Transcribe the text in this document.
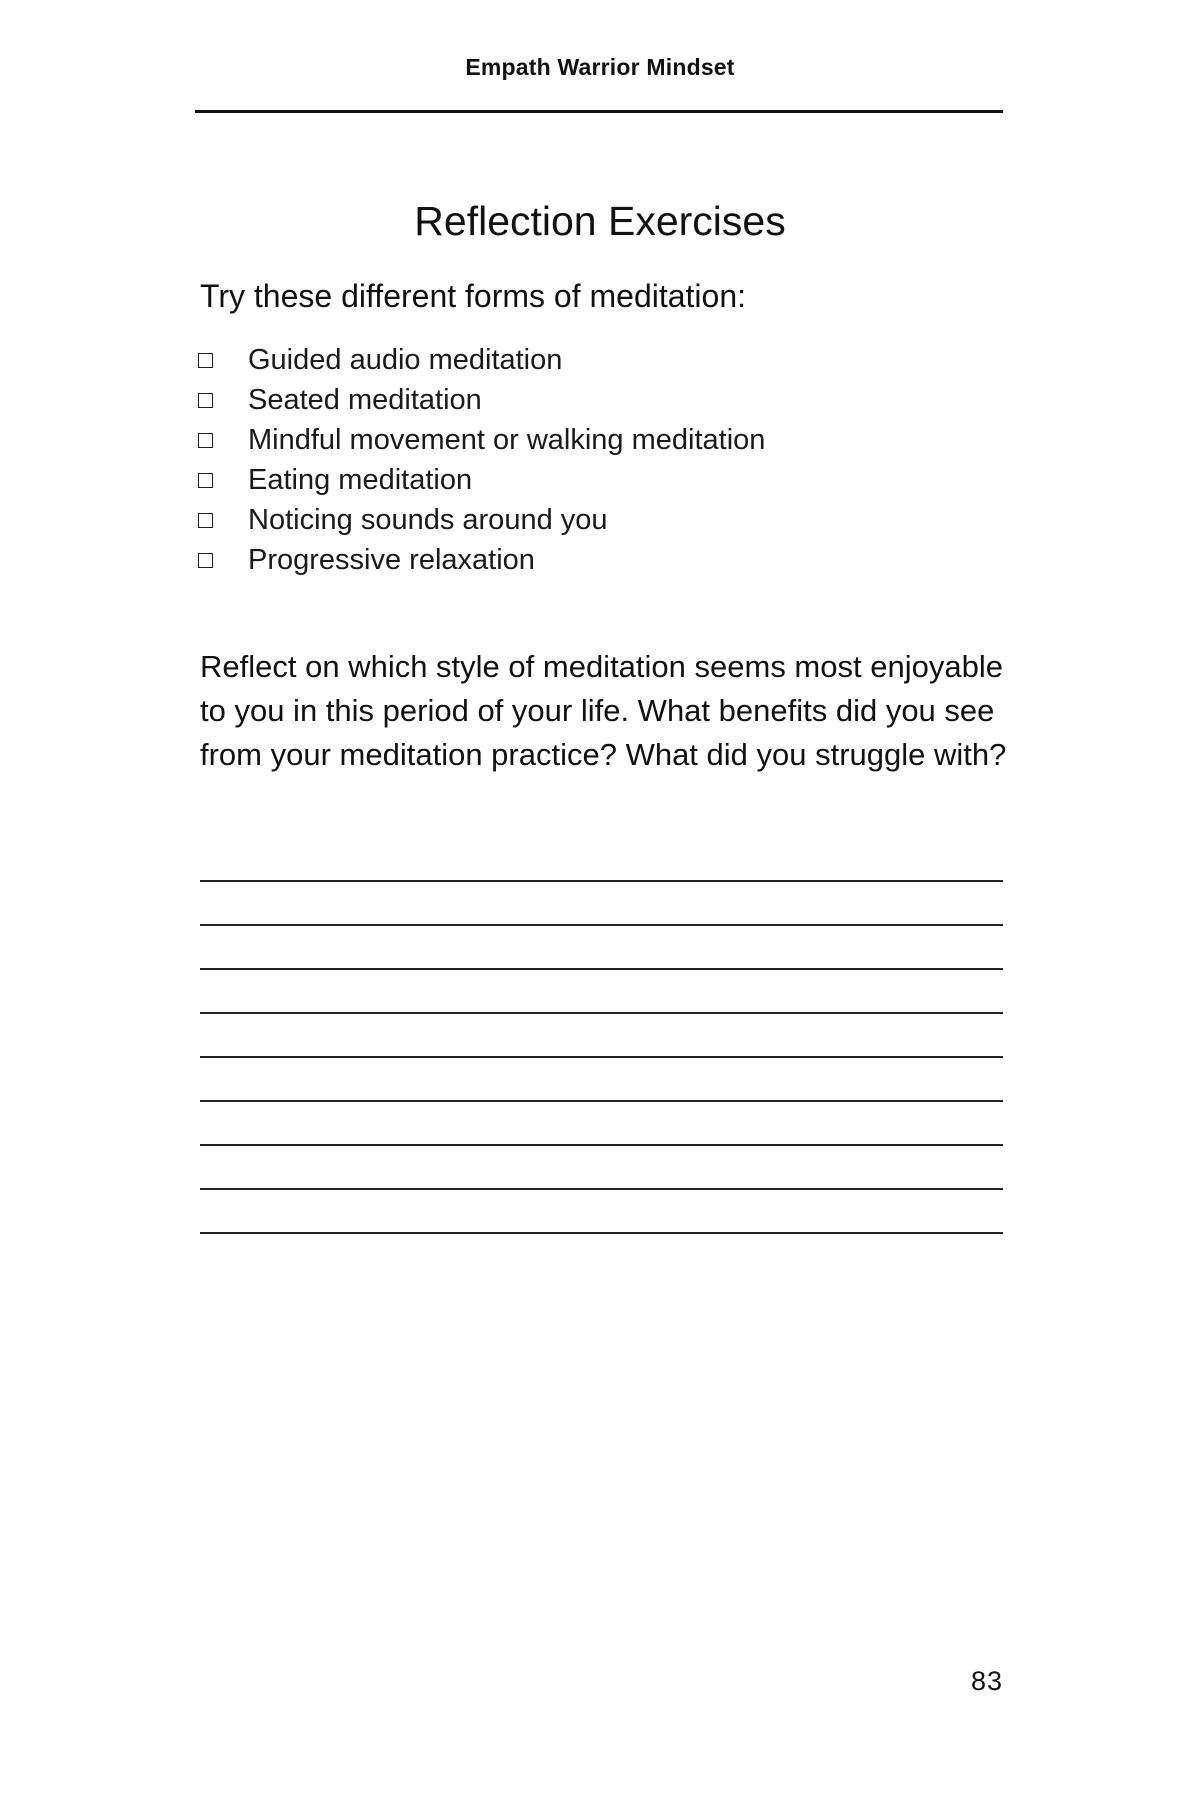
Empath Warrior Mindset
Reflection Exercises
Try these different forms of meditation:
Guided audio meditation
Seated meditation
Mindful movement or walking meditation
Eating meditation
Noticing sounds around you
Progressive relaxation
Reflect on which style of meditation seems most enjoyable to you in this period of your life. What benefits did you see from your meditation practice? What did you struggle with?
83
